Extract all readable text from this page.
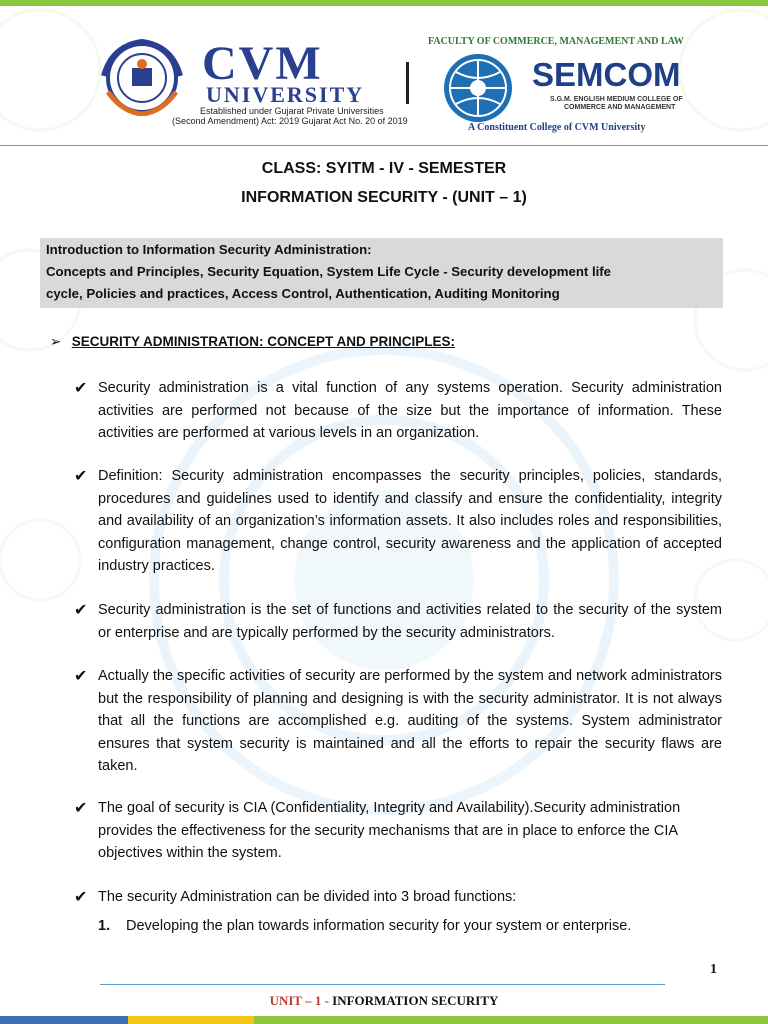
CVM
UNIVERSITY
Established under Gujarat Private Universities
(Second Amendment) Act: 2019 Gujarat Act No. 20 of 2019
FACULTY OF COMMERCE, MANAGEMENT AND LAW
SEMCOM
S.G.M. ENGLISH MEDIUM COLLEGE OF
COMMERCE AND MANAGEMENT
A Constituent College of CVM University
CLASS: SYITM - IV - SEMESTER
INFORMATION SECURITY - (UNIT – 1)
Introduction to Information Security Administration:
Concepts and Principles, Security Equation, System Life Cycle - Security development life
cycle, Policies and practices, Access Control, Authentication, Auditing Monitoring
➢ SECURITY ADMINISTRATION: CONCEPT AND PRINCIPLES:
✔ Security administration is a vital function of any systems operation. Security administration activities are performed not because of the size but the importance of information. These activities are performed at various levels in an organization.
✔ Definition: Security administration encompasses the security principles, policies, standards, procedures and guidelines used to identify and classify and ensure the confidentiality, integrity and availability of an organization’s information assets. It also includes roles and responsibilities, configuration management, change control, security awareness and the application of accepted industry practices.
✔ Security administration is the set of functions and activities related to the security of the system or enterprise and are typically performed by the security administrators.
✔ Actually the specific activities of security are performed by the system and network administrators but the responsibility of planning and designing is with the security administrator. It is not always that all the functions are accomplished e.g. auditing of the systems. System administrator ensures that system security is maintained and all the efforts to repair the security flaws are taken.
✔ The goal of security is CIA (Confidentiality, Integrity and Availability).Security administration provides the effectiveness for the security mechanisms that are in place to enforce the CIA objectives within the system.
✔ The security Administration can be divided into 3 broad functions:
1. Developing the plan towards information security for your system or enterprise.
1
UNIT – 1 - INFORMATION SECURITY
